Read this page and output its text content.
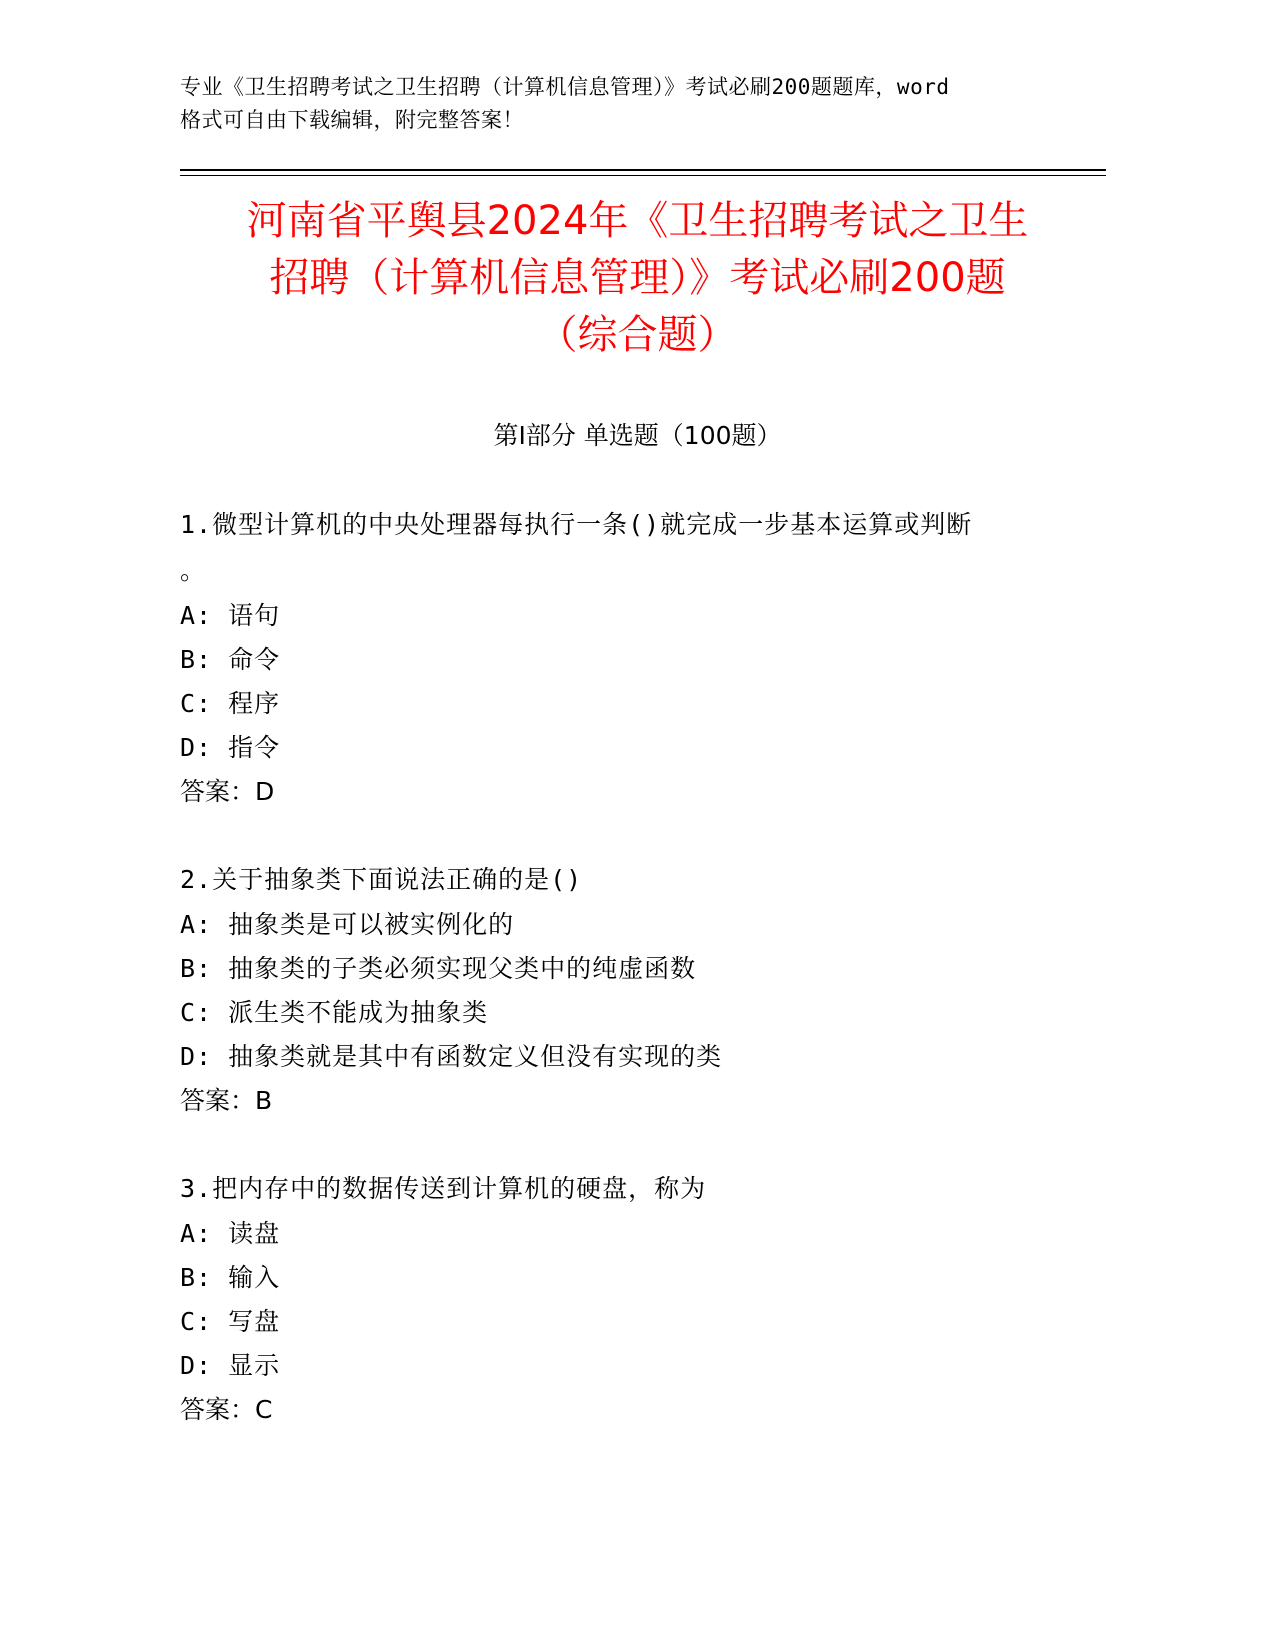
专业《卫生招聘考试之卫生招聘（计算机信息管理）》考试必刷200题题库，word
格式可自由下载编辑，附完整答案！
河南省平舆县2024年《卫生招聘考试之卫生
招聘（计算机信息管理）》考试必刷200题
（综合题）
第Ⅰ部分 单选题（100题）

1.微型计算机的中央处理器每执行一条()就完成一步基本运算或判断

。

A: 语句

B: 命令

C: 程序

D: 指令

答案：D

2.关于抽象类下面说法正确的是()

A: 抽象类是可以被实例化的

B: 抽象类的子类必须实现父类中的纯虚函数

C: 派生类不能成为抽象类

D: 抽象类就是其中有函数定义但没有实现的类

答案：B

3.把内存中的数据传送到计算机的硬盘，称为

A: 读盘

B: 输入

C: 写盘

D: 显示

答案：C
